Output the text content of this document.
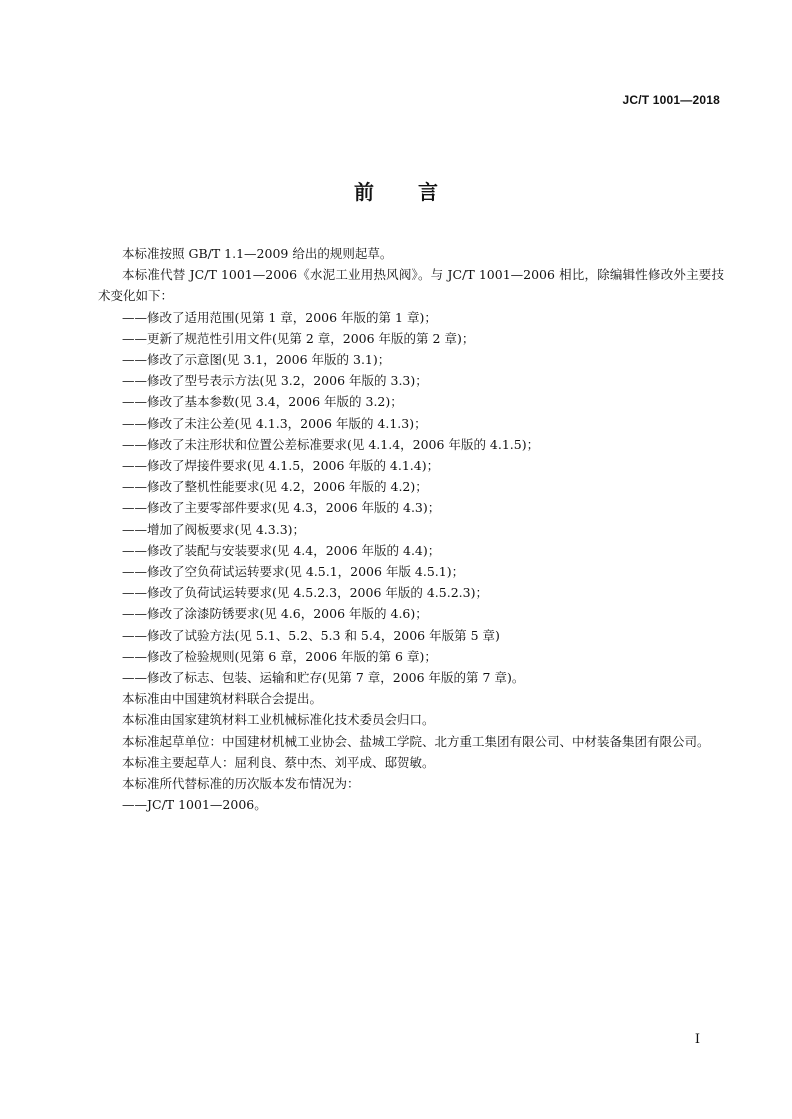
JC/T 1001—2018
前言

本标准按照 GB/T 1.1—2009 给出的规则起草。

本标准代替 JC/T 1001—2006《水泥工业用热风阀》。与 JC/T 1001—2006 相比，除编辑性修改外主要技术变化如下：

——修改了适用范围(见第 1 章，2006 年版的第 1 章)；

——更新了规范性引用文件(见第 2 章，2006 年版的第 2 章)；

——修改了示意图(见 3.1，2006 年版的 3.1)；

——修改了型号表示方法(见 3.2，2006 年版的 3.3)；

——修改了基本参数(见 3.4，2006 年版的 3.2)；

——修改了未注公差(见 4.1.3，2006 年版的 4.1.3)；

——修改了未注形状和位置公差标准要求(见 4.1.4，2006 年版的 4.1.5)；

——修改了焊接件要求(见 4.1.5，2006 年版的 4.1.4)；

——修改了整机性能要求(见 4.2，2006 年版的 4.2)；

——修改了主要零部件要求(见 4.3，2006 年版的 4.3)；

——增加了阀板要求(见 4.3.3)；

——修改了装配与安装要求(见 4.4，2006 年版的 4.4)；

——修改了空负荷试运转要求(见 4.5.1，2006 年版 4.5.1)；

——修改了负荷试运转要求(见 4.5.2.3，2006 年版的 4.5.2.3)；

——修改了涂漆防锈要求(见 4.6，2006 年版的 4.6)；

——修改了试验方法(见 5.1、5.2、5.3 和 5.4，2006 年版第 5 章)

——修改了检验规则(见第 6 章，2006 年版的第 6 章)；

——修改了标志、包装、运输和贮存(见第 7 章，2006 年版的第 7 章)。

本标准由中国建筑材料联合会提出。

本标准由国家建筑材料工业机械标准化技术委员会归口。

本标准起草单位：中国建材机械工业协会、盐城工学院、北方重工集团有限公司、中材装备集团有限公司。

本标准主要起草人：屈利良、蔡中杰、刘平成、邸贺敏。

本标准所代替标准的历次版本发布情况为：

——JC/T 1001—2006。

I
